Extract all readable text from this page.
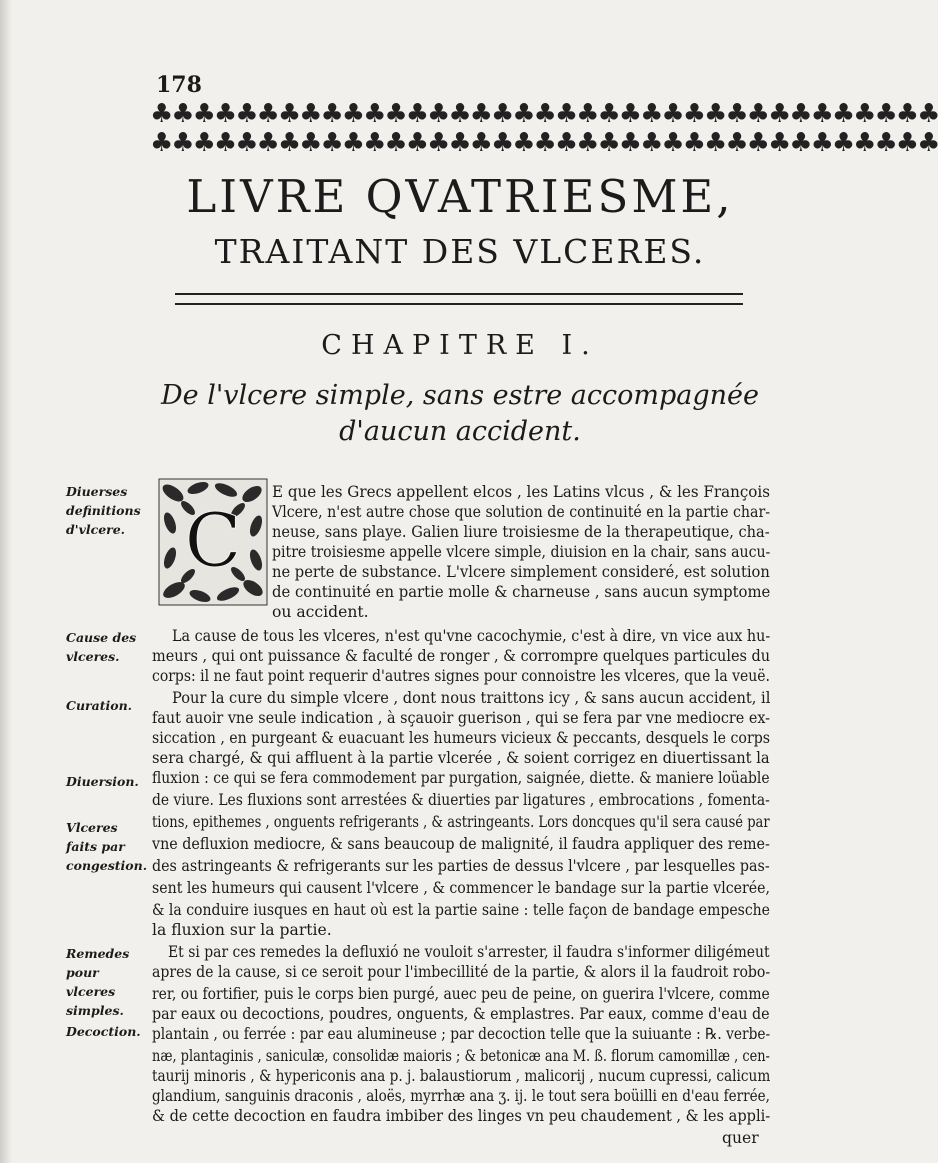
178
♣♣♣♣♣♣♣♣♣♣♣♣♣♣♣♣♣♣♣♣♣♣♣♣♣♣♣♣♣♣♣♣♣♣♣♣♣
♣♣♣♣♣♣♣♣♣♣♣♣♣♣♣♣♣♣♣♣♣♣♣♣♣♣♣♣♣♣♣♣♣♣♣♣♣
LIVRE QVATRIESME,
TRAITANT DES VLCERES.
CHAPITRE I.
De l'vlcere simple, sans estre accompagnée
d'aucun accident.
C
Diuerses definitions d'vlcere.
Cause des vlceres.
Curation.
Diuersion.
Vlceres faits par congestion.
Remedes pour vlceres simples.
Decoction.
E que les Grecs appellent elcos , les Latins vlcus , & les François
Vlcere, n'est autre chose que solution de continuité en la partie char-
neuse, sans playe. Galien liure troisiesme de la therapeutique, cha-
pitre troisiesme appelle vlcere simple, diuision en la chair, sans aucu-
ne perte de substance. L'vlcere simplement consideré, est solution
de continuité en partie molle & charneuse , sans aucun symptome
ou accident.
La cause de tous les vlceres, n'est qu'vne cacochymie, c'est à dire, vn vice aux hu-
meurs , qui ont puissance & faculté de ronger , & corrompre quelques particules du
corps: il ne faut point requerir d'autres signes pour connoistre les vlceres, que la veuë.
Pour la cure du simple vlcere , dont nous traittons icy , & sans aucun accident, il
faut auoir vne seule indication , à sçauoir guerison , qui se fera par vne mediocre ex-
siccation , en purgeant & euacuant les humeurs vicieux & peccants, desquels le corps
sera chargé, & qui affluent à la partie vlcerée , & soient corrigez en diuertissant la
fluxion : ce qui se fera commodement par purgation, saignée, diette. & maniere loüable
de viure. Les fluxions sont arrestées & diuerties par ligatures , embrocations , fomenta-
tions, epithemes , onguents refrigerants , & astringeants. Lors doncques qu'il sera causé par
vne defluxion mediocre, & sans beaucoup de malignité, il faudra appliquer des reme-
des astringeants & refrigerants sur les parties de dessus l'vlcere , par lesquelles pas-
sent les humeurs qui causent l'vlcere , & commencer le bandage sur la partie vlcerée,
& la conduire iusques en haut où est la partie saine : telle façon de bandage empesche
la fluxion sur la partie.
Et si par ces remedes la defluxió ne vouloit s'arrester, il faudra s'informer diligémeut
apres de la cause, si ce seroit pour l'imbecillité de la partie, & alors il la faudroit robo-
rer, ou fortifier, puis le corps bien purgé, auec peu de peine, on guerira l'vlcere, comme
par eaux ou decoctions, poudres, onguents, & emplastres. Par eaux, comme d'eau de
plantain , ou ferrée : par eau alumineuse ; par decoction telle que la suiuante : ℞. verbe-
næ, plantaginis , saniculæ, consolidæ maioris ; & betonicæ ana M. ß. florum camomillæ , cen-
taurij minoris , & hypericonis ana p. j. balaustiorum , malicorij , nucum cupressi, calicum
glandium, sanguinis draconis , aloës, myrrhæ ana ʒ. ij. le tout sera boüilli en d'eau ferrée,
& de cette decoction en faudra imbiber des linges vn peu chaudement , & les appli-
quer
